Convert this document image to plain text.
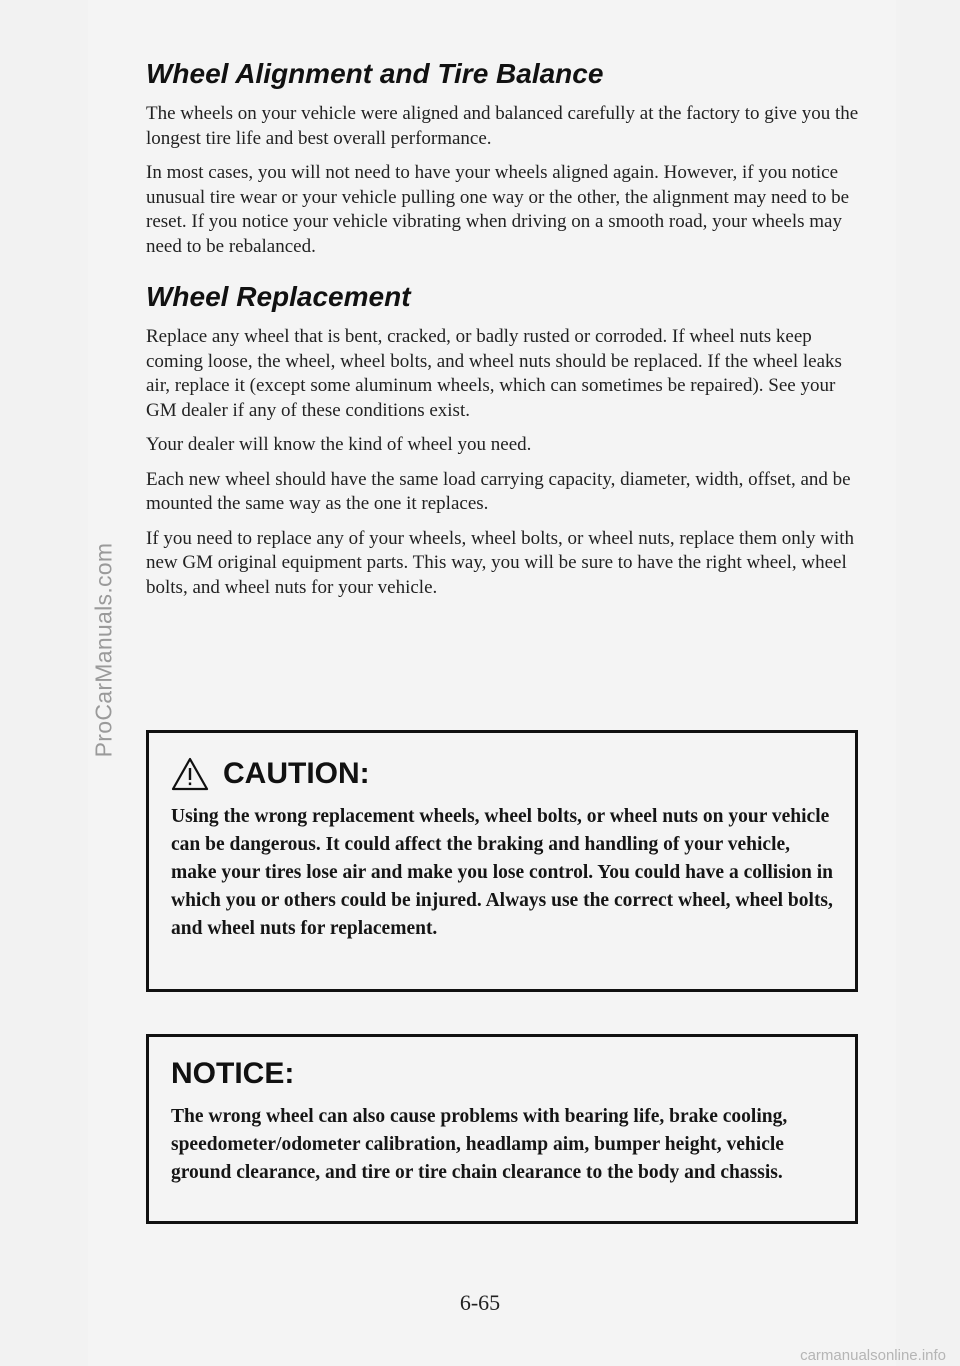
ProCarManuals.com
Wheel Alignment and Tire Balance

The wheels on your vehicle were aligned and balanced carefully at the factory to give you the longest tire life and best overall performance.

In most cases, you will not need to have your wheels aligned again. However, if you notice unusual tire wear or your vehicle pulling one way or the other, the alignment may need to be reset. If you notice your vehicle vibrating when driving on a smooth road, your wheels may need to be rebalanced.

Wheel Replacement

Replace any wheel that is bent, cracked, or badly rusted or corroded. If wheel nuts keep coming loose, the wheel, wheel bolts, and wheel nuts should be replaced. If the wheel leaks air, replace it (except some aluminum wheels, which can sometimes be repaired). See your GM dealer if any of these conditions exist.

Your dealer will know the kind of wheel you need.

Each new wheel should have the same load carrying capacity, diameter, width, offset, and be mounted the same way as the one it replaces.

If you need to replace any of your wheels, wheel bolts, or wheel nuts, replace them only with new GM original equipment parts. This way, you will be sure to have the right wheel, wheel bolts, and wheel nuts for your vehicle.

CAUTION:

Using the wrong replacement wheels, wheel bolts, or wheel nuts on your vehicle can be dangerous. It could affect the braking and handling of your vehicle, make your tires lose air and make you lose control. You could have a collision in which you or others could be injured. Always use the correct wheel, wheel bolts, and wheel nuts for replacement.

NOTICE:

The wrong wheel can also cause problems with bearing life, brake cooling, speedometer/odometer calibration, headlamp aim, bumper height, vehicle ground clearance, and tire or tire chain clearance to the body and chassis.

6-65
carmanualsonline.info
